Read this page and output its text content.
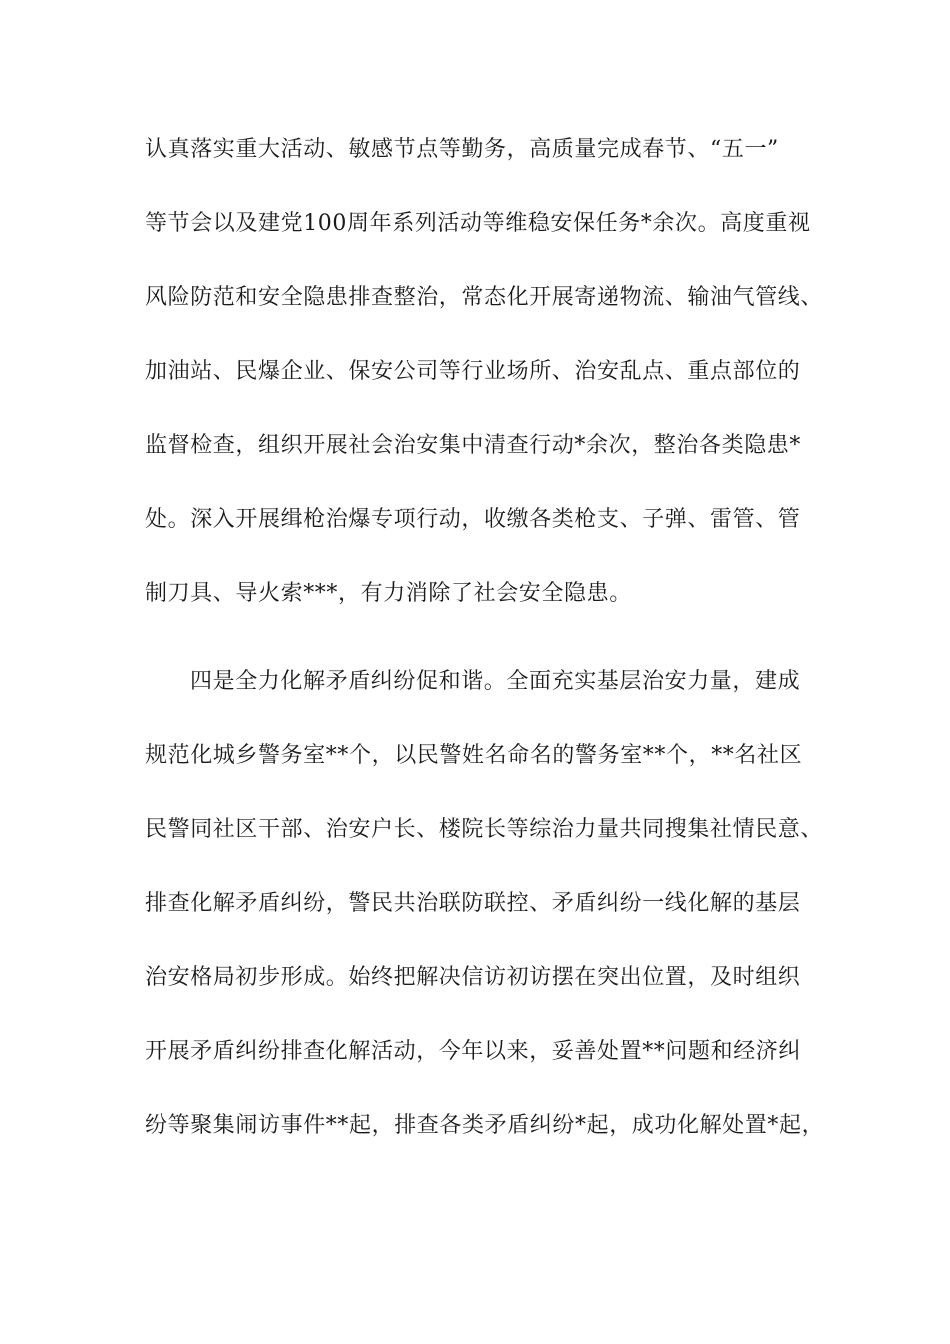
认真落实重大活动、敏感节点等勤务，高质量完成春节、“五一”
等节会以及建党100周年系列活动等维稳安保任务*余次。高度重视
风险防范和安全隐患排查整治，常态化开展寄递物流、输油气管线、
加油站、民爆企业、保安公司等行业场所、治安乱点、重点部位的
监督检查，组织开展社会治安集中清查行动*余次，整治各类隐患*
处。深入开展缉枪治爆专项行动，收缴各类枪支、子弹、雷管、管
制刀具、导火索***，有力消除了社会安全隐患。
四是全力化解矛盾纠纷促和谐。全面充实基层治安力量，建成
规范化城乡警务室**个，以民警姓名命名的警务室**个，**名社区
民警同社区干部、治安户长、楼院长等综治力量共同搜集社情民意、
排查化解矛盾纠纷，警民共治联防联控、矛盾纠纷一线化解的基层
治安格局初步形成。始终把解决信访初访摆在突出位置，及时组织
开展矛盾纠纷排查化解活动，今年以来，妥善处置**问题和经济纠
纷等聚集闹访事件**起，排查各类矛盾纠纷*起，成功化解处置*起，
